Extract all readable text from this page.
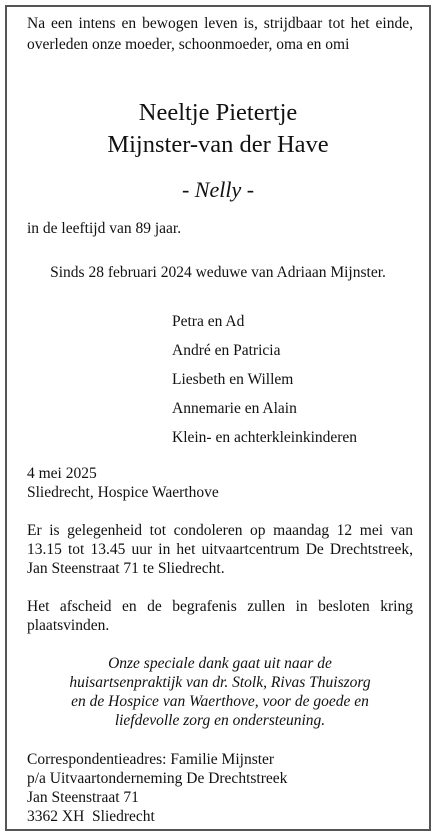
Na een intens en bewogen leven is, strijdbaar tot het einde, overleden onze moeder, schoonmoeder, oma en omi

Neeltje Pietertje

Mijnster-van der Have

- Nelly -

in de leeftijd van 89 jaar.

Sinds 28 februari 2024 weduwe van Adriaan Mijnster.

Petra en Ad

André en Patricia

Liesbeth en Willem

Annemarie en Alain

Klein- en achterkleinkinderen

4 mei 2025

Sliedrecht, Hospice Waerthove

Er is gelegenheid tot condoleren op maandag 12 mei van 13.15 tot 13.45 uur in het uitvaartcentrum De Drechtstreek, Jan Steenstraat 71 te Sliedrecht.

Het afscheid en de begrafenis zullen in besloten kring plaatsvinden.

Onze speciale dank gaat uit naar de

huisartsenpraktijk van dr. Stolk, Rivas Thuiszorg

en de Hospice van Waerthove, voor de goede en

liefdevolle zorg en ondersteuning.

Correspondentieadres: Familie Mijnster

p/a Uitvaartonderneming De Drechtstreek

Jan Steenstraat 71

3362 XH  Sliedrecht
